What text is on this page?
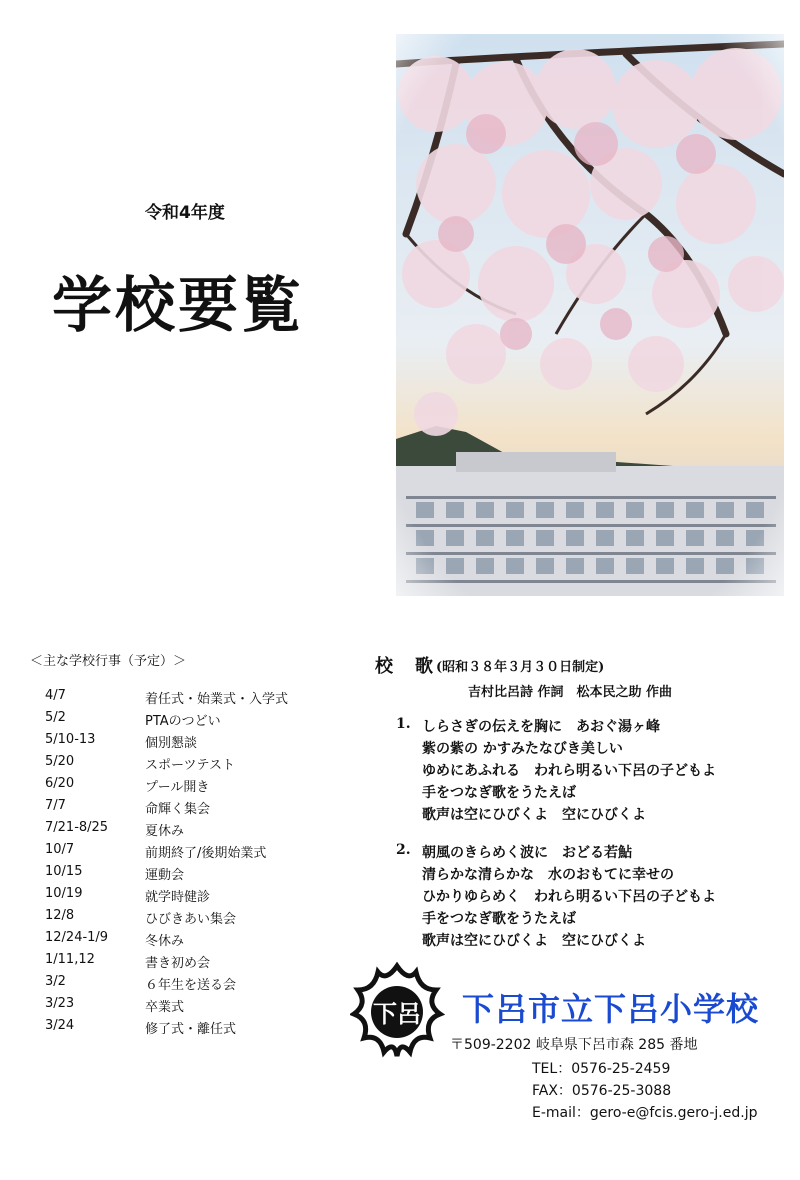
令和4年度
学校要覧
＜主な学校行事（予定）＞
4/7	着任式・始業式・入学式
5/2	PTAのつどい
5/10-13	個別懇談
5/20	スポーツテスト
6/20	プール開き
7/7	命輝く集会
7/21-8/25	夏休み
10/7	前期終了/後期始業式
10/15	運動会
10/19	就学時健診
12/8	ひびきあい集会
12/24-1/9	冬休み
1/11,12	書き初め会
3/2	６年生を送る会
3/23	卒業式
3/24	修了式・離任式
校　歌 (昭和３８年３月３０日制定)
吉村比呂詩 作詞　松本民之助 作曲
1. しらさぎの伝えを胸に　あおぐ湯ヶ峰
紫の紫の かすみたなびき美しい
ゆめにあふれる　われら明るい下呂の子どもよ
手をつなぎ歌をうたえば
歌声は空にひびくよ　空にひびくよ
2. 朝風のきらめく波に　おどる若鮎
清らかな清らかな　水のおもてに幸せの
ひかりゆらめく　われら明るい下呂の子どもよ
手をつなぎ歌をうたえば
歌声は空にひびくよ　空にひびくよ
下呂 下呂市立下呂小学校
〒509-2202 岐阜県下呂市森 285 番地
TEL：0576-25-2459
FAX：0576-25-3088
E-mail：gero-e@fcis.gero-j.ed.jp
